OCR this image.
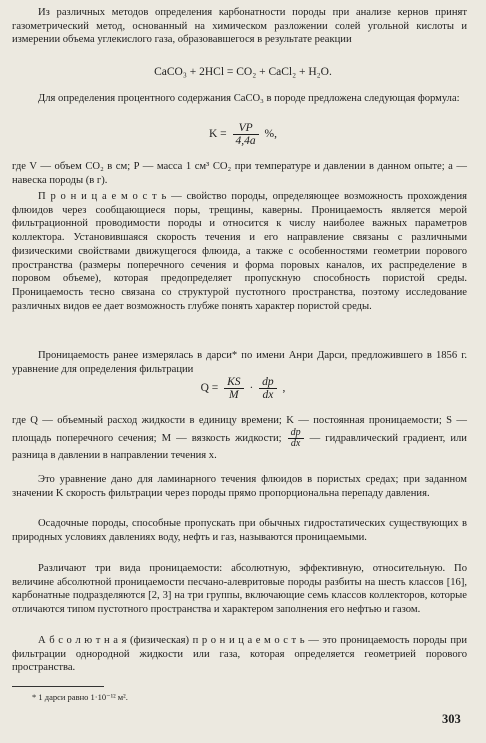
Из различных методов определения карбонатности породы при анализе кернов принят газометрический метод, основанный на химическом разложении солей угольной кислоты и измерении объема углекислого газа, образовавшегося в результате реакции
CaCO₃ + 2HCl = CO₂ + CaCl₂ + H₂O.
Для определения процентного содержания CaCO₃ в породе предложена следующая формула:
$K = \frac{VP}{4,4a}$ %,
где V — объем CO₂ в см; P — масса 1 см³ CO₂ при температуре и давлении в данном опыте; a — навеска породы (в г).
П р о н и ц а е м о с т ь — свойство породы, определяющее возможность прохождения флюидов через сообщающиеся поры, трещины, каверны. Проницаемость является мерой фильтрационной проводимости породы и относится к числу наиболее важных параметров коллектора. Установившаяся скорость течения и его направление связаны с различными физическими свойствами движущегося флюида, а также с особенностями геометрии порового пространства (размеры поперечного сечения и форма поровых каналов, их распределение в поровом объеме), которая предопределяет пропускную способность пористой среды. Проницаемость тесно связана со структурой пустотного пространства, поэтому исследование различных видов ее дает возможность глубже понять характер пористой среды.
Проницаемость ранее измерялась в дарси* по имени Анри Дарси, предложившего в 1856 г. уравнение для определения фильтрации
$Q = \frac{KS}{M} \cdot \frac{dp}{dx}$ ,
где Q — объемный расход жидкости в единицу времени; K — постоянная проницаемости; S — площадь поперечного сечения; M — вязкость жидкости; $\frac{dp}{dx}$ — гидравлический градиент, или разница в давлении в направлении течения x.
Это уравнение дано для ламинарного течения флюидов в пористых средах; при заданном значении K скорость фильтрации через породы прямо пропорциональна перепаду давления.
Осадочные породы, способные пропускать при обычных гидростатических существующих в природных условиях давлениях воду, нефть и газ, называются проницаемыми.
Различают три вида проницаемости: абсолютную, эффективную, относительную. По величине абсолютной проницаемости песчано-алевритовые породы разбиты на шесть классов [16], карбонатные подразделяются [2, 3] на три группы, включающие семь классов коллекторов, которые отличаются типом пустотного пространства и характером заполнения его нефтью и газом.
А б с о л ю т н а я (физическая) п р о н и ц а е м о с т ь — это проницаемость породы при фильтрации однородной жидкости или газа, которая определяется геометрией порового пространства.
* 1 дарси равно 1·10⁻¹² м².
303
